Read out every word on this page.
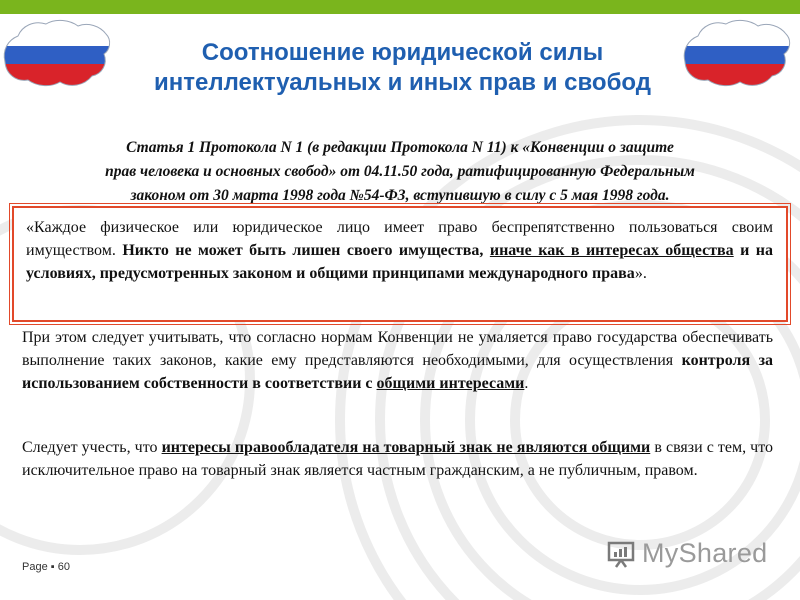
Соотношение юридической силы
интеллектуальных и иных прав и свобод
Статья 1 Протокола N 1 (в редакции Протокола N 11) к «Конвенции о защите
прав человека и основных свобод» от 04.11.50 года, ратифицированную Федеральным
законом от 30 марта 1998 года №54-ФЗ, вступившую в силу с 5 мая 1998 года.
«Каждое физическое или юридическое лицо имеет право беспрепятственно пользоваться своим имуществом. Никто не может быть лишен своего имущества, иначе как в интересах общества и на условиях, предусмотренных законом и общими принципами международного права».
При этом следует учитывать, что согласно нормам Конвенции не умаляется право государства обеспечивать выполнение таких законов, какие ему представляются необходимыми, для осуществления контроля за использованием собственности в соответствии с общими интересами.
Следует учесть, что интересы правообладателя на товарный знак не являются общими в связи с тем, что исключительное право на товарный знак является частным гражданским, а не публичным, правом.
Page ▪ 60	MyShared
